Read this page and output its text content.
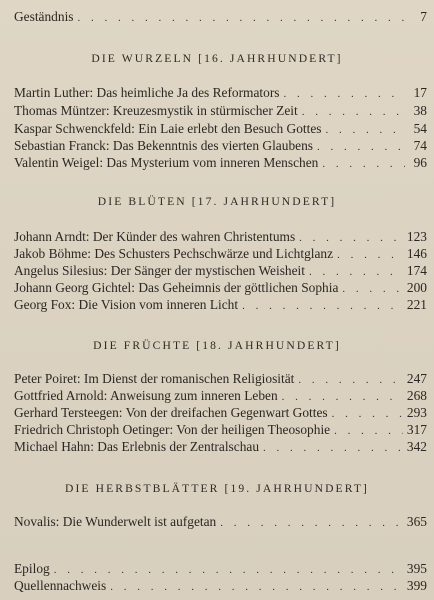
Geständnis . . .	7
DIE WURZELN [16. JAHRHUNDERT]
Martin Luther: Das heimliche Ja des Reformators . . .	17
Thomas Müntzer: Kreuzesmystik in stürmischer Zeit . . .	38
Kaspar Schwenckfeld: Ein Laie erlebt den Besuch Gottes . . .	54
Sebastian Franck: Das Bekenntnis des vierten Glaubens . . .	74
Valentin Weigel: Das Mysterium vom inneren Menschen . . .	96
DIE BLÜTEN [17. JAHRHUNDERT]
Johann Arndt: Der Künder des wahren Christentums . . .	123
Jakob Böhme: Des Schusters Pechschwärze und Lichtglanz . . .	146
Angelus Silesius: Der Sänger der mystischen Weisheit . . .	174
Johann Georg Gichtel: Das Geheimnis der göttlichen Sophia . . .	200
Georg Fox: Die Vision vom inneren Licht . . .	221
DIE FRÜCHTE [18. JAHRHUNDERT]
Peter Poiret: Im Dienst der romanischen Religiosität . . .	247
Gottfried Arnold: Anweisung zum inneren Leben . . .	268
Gerhard Tersteegen: Von der dreifachen Gegenwart Gottes . . .	293
Friedrich Christoph Oetinger: Von der heiligen Theosophie . . .	317
Michael Hahn: Das Erlebnis der Zentralschau . . .	342
DIE HERBSTBLÄTTER [19. JAHRHUNDERT]
Novalis: Die Wunderwelt ist aufgetan . . .	365
Epilog . . .	395
Quellennachweis . . .	399
